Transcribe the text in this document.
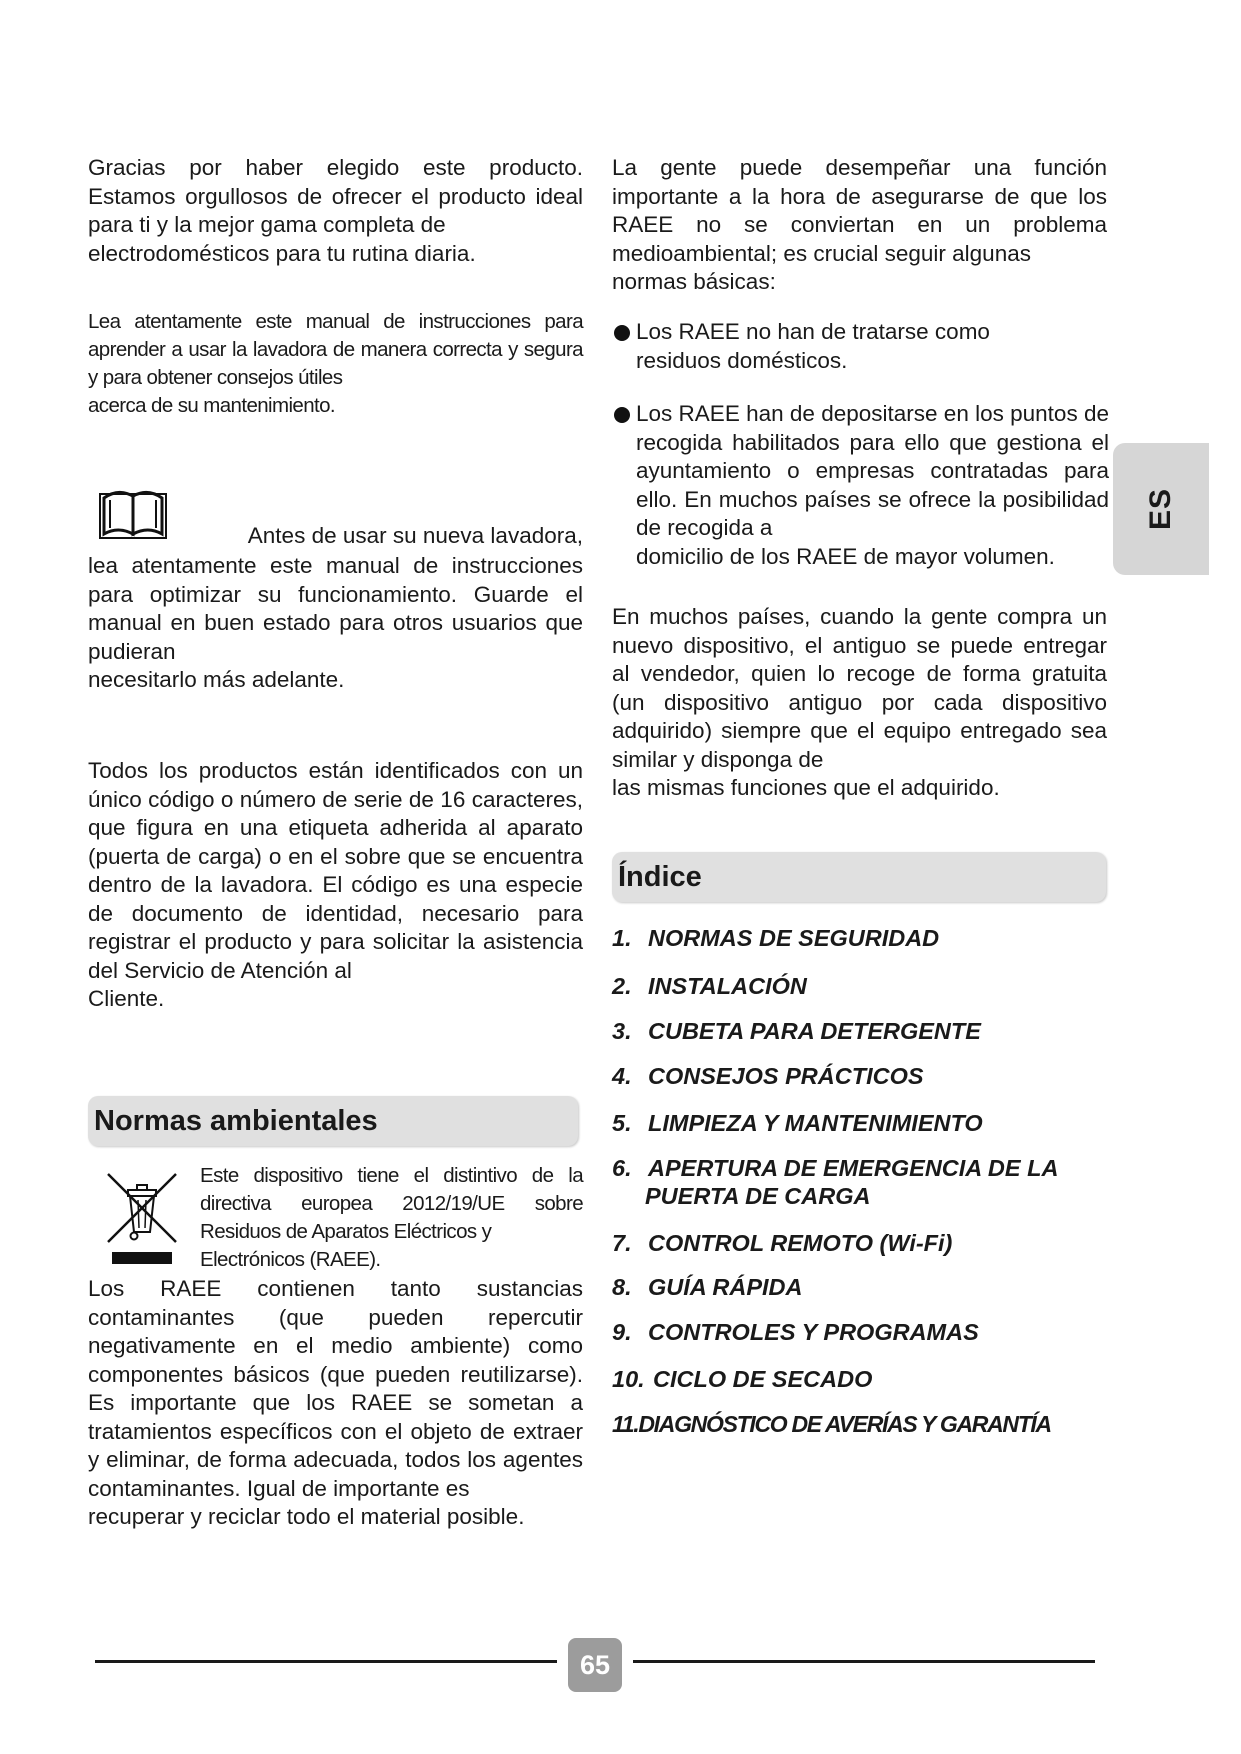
Gracias por haber elegido este producto. Estamos orgullosos de ofrecer el producto ideal para ti y la mejor gama completa de
electrodomésticos para tu rutina diaria.

Lea atentamente este manual de instrucciones para aprender a usar la lavadora de manera correcta y segura y para obtener consejos útiles
acerca de su mantenimiento.

Antes de usar su nueva lavadora,

lea atentamente este manual de instrucciones para optimizar su funcionamiento. Guarde el manual en buen estado para otros usuarios que pudieran
necesitarlo más adelante.

Todos los productos están identificados con un único código o número de serie de 16 caracteres, que figura en una etiqueta adherida al aparato (puerta de carga) o en el sobre que se encuentra dentro de la lavadora. El código es una especie de documento de identidad, necesario para registrar el producto y para solicitar la asistencia del Servicio de Atención al
Cliente.

Normas ambientales

Este dispositivo tiene el distintivo de la directiva europea 2012/19/UE sobre Residuos de Aparatos Eléctricos y
Electrónicos (RAEE).

Los RAEE contienen tanto sustancias contaminantes (que pueden repercutir negativamente en el medio ambiente) como componentes básicos (que pueden reutilizarse). Es importante que los RAEE se sometan a tratamientos específicos con el objeto de extraer y eliminar, de forma adecuada, todos los agentes contaminantes. Igual de importante es
recuperar y reciclar todo el material posible.

La gente puede desempeñar una función importante a la hora de asegurarse de que los RAEE no se conviertan en un problema medioambiental; es crucial seguir algunas
normas básicas:

Los RAEE no han de tratarse como
residuos domésticos.
Los RAEE han de depositarse en los puntos de recogida habilitados para ello que gestiona el ayuntamiento o empresas contratadas para ello. En muchos países se ofrece la posibilidad de recogida a
domicilio de los RAEE de mayor volumen.

En muchos países, cuando la gente compra un nuevo dispositivo, el antiguo se puede entregar al vendedor, quien lo recoge de forma gratuita (un dispositivo antiguo por cada dispositivo adquirido) siempre que el equipo entregado sea similar y disponga de
las mismas funciones que el adquirido.

Índice
1. NORMAS DE SEGURIDAD
2. INSTALACIÓN
3. CUBETA PARA DETERGENTE
4. CONSEJOS PRÁCTICOS
5. LIMPIEZA Y MANTENIMIENTO
6. APERTURA DE EMERGENCIA DE LA
PUERTA DE CARGA
7. CONTROL REMOTO (Wi-Fi)
8. GUÍA RÁPIDA
9. CONTROLES Y PROGRAMAS
10. CICLO DE SECADO
11.DIAGNÓSTICO DE AVERÍAS Y GARANTÍA
ES
65
